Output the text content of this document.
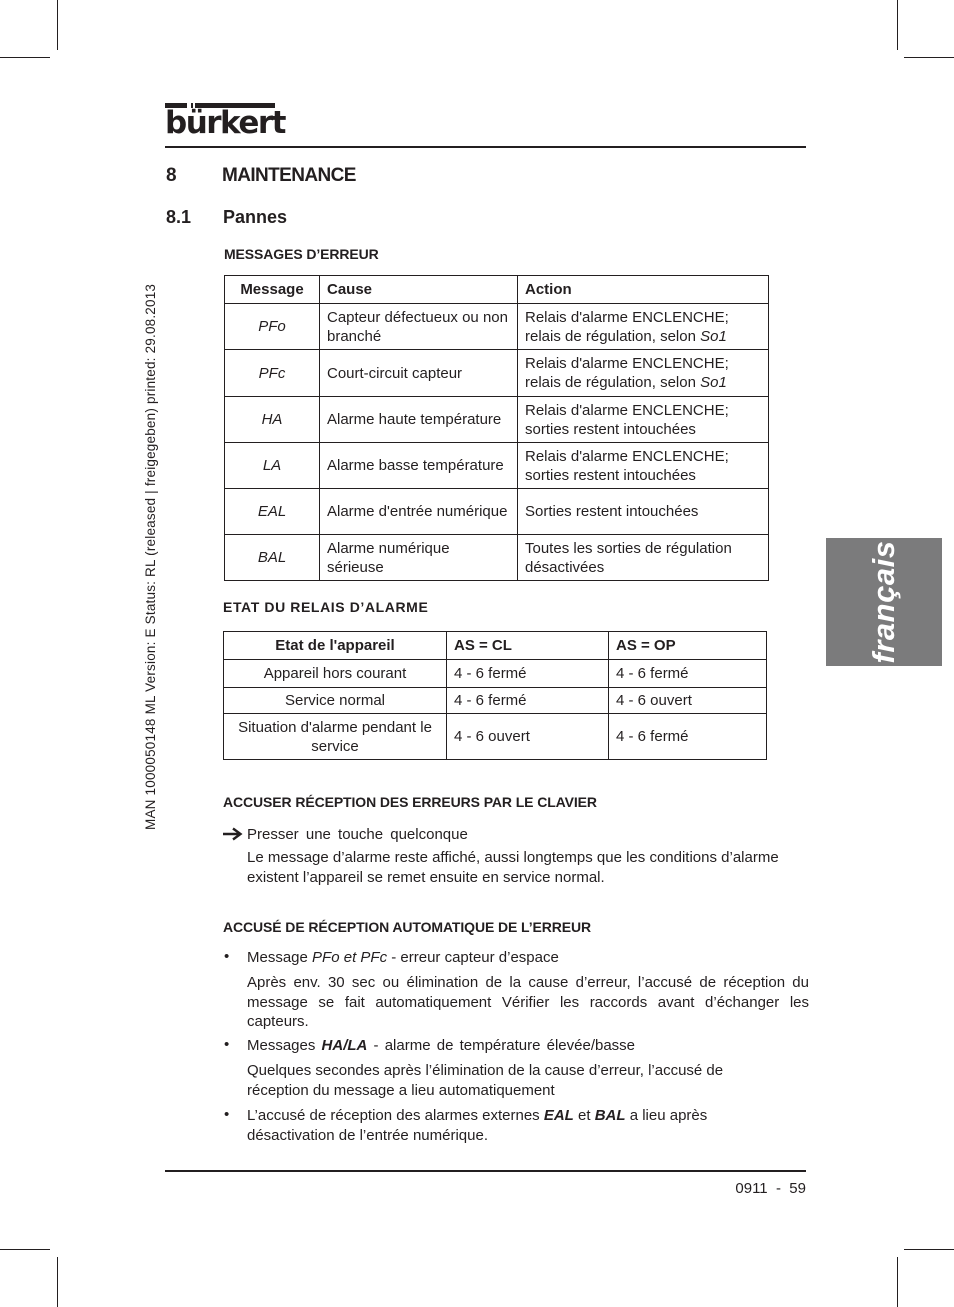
bürkert
MAN 1000050148 ML Version: E Status: RL (released | freigegeben) printed: 29.08.2013	français
8 MAINTENANCE
8.1 Pannes
MESSAGES D’ERREUR
Message	Cause	Action
PFo	Capteur défectueux ou non branché	Relais d'alarme ENCLENCHE; relais de régulation, selon So1
PFc	Court-circuit capteur	Relais d'alarme ENCLENCHE; relais de régulation, selon So1
HA	Alarme haute température	Relais d'alarme ENCLENCHE; sorties restent intouchées
LA	Alarme basse température	Relais d'alarme ENCLENCHE; sorties restent intouchées
EAL	Alarme d'entrée numérique	Sorties restent intouchées
BAL	Alarme numérique sérieuse	Toutes les sorties de régulation désactivées
ETAT DU RELAIS D’ALARME
Etat de l'appareil	AS = CL	AS = OP
Appareil hors courant	4 - 6 fermé	4 - 6 fermé
Service normal	4 - 6 fermé	4 - 6 ouvert
Situation d'alarme pendant le service	4 - 6 ouvert	4 - 6 fermé
ACCUSER RÉCEPTION DES ERREURS PAR LE CLAVIER
Presser une touche quelconque
Le message d’alarme reste affiché, aussi longtemps que les conditions d’alarme existent l’appareil se remet ensuite en service normal.
ACCUSÉ DE RÉCEPTION AUTOMATIQUE DE L’ERREUR
• Message PFo et PFc - erreur capteur d’espace
Après env. 30 sec ou élimination de la cause d’erreur, l’accusé de réception du message se fait automatiquement Vérifier les raccords avant d’échanger les capteurs.
• Messages HA/LA - alarme de température élevée/basse
Quelques secondes après l’élimination de la cause d’erreur, l’accusé de réception du message a lieu automatiquement
• L’accusé de réception des alarmes externes EAL et BAL a lieu après désactivation de l’entrée numérique.
0911  -  59
